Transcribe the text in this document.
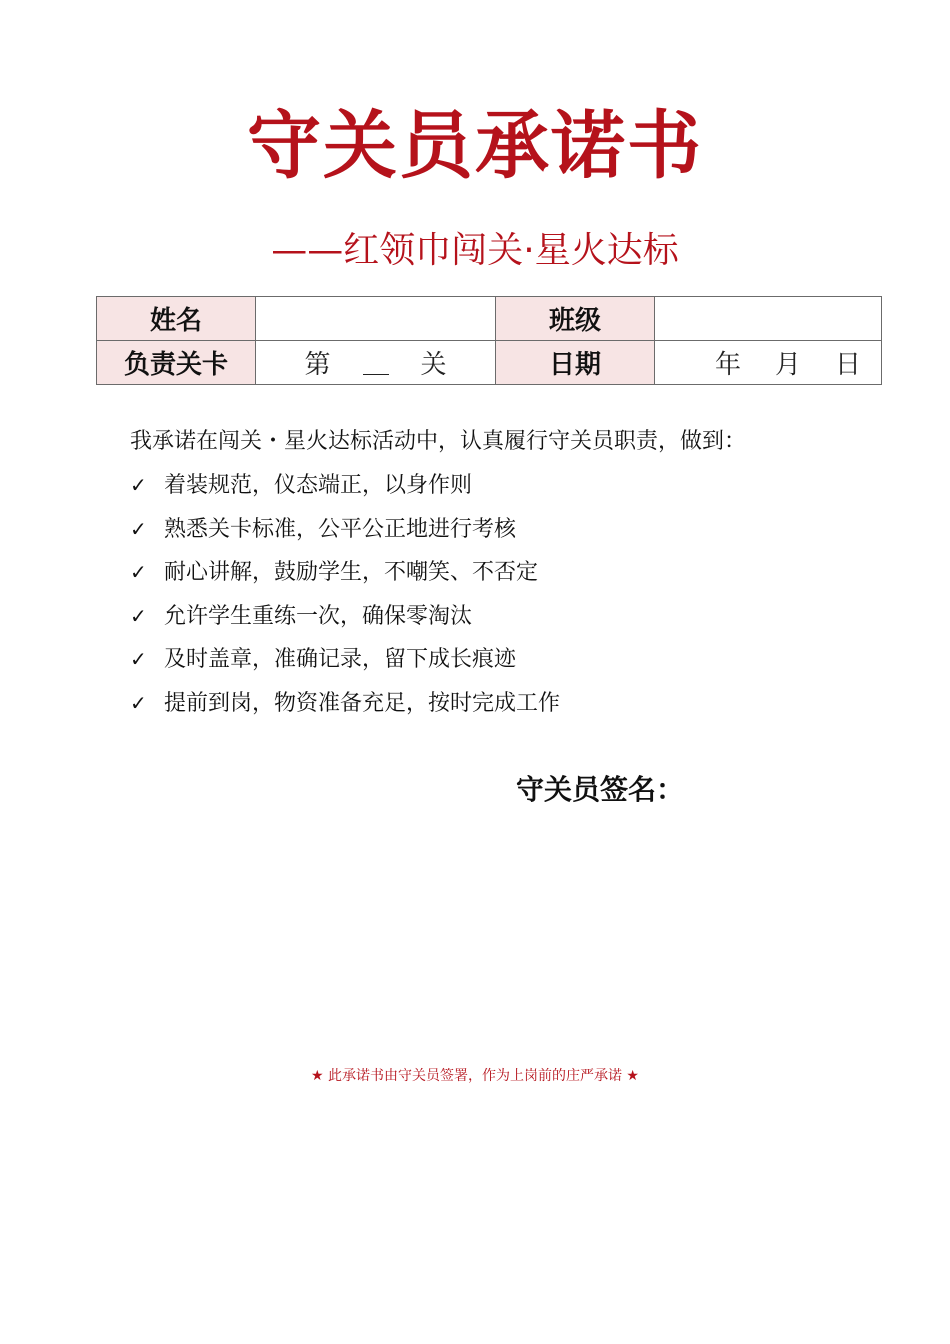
守关员承诺书
——红领巾闯关·星火达标
姓名		班级	
负责关卡	第 关	日期	年 月 日
我承诺在闯关・星火达标活动中，认真履行守关员职责，做到：
✓ 着装规范，仪态端正，以身作则
✓ 熟悉关卡标准，公平公正地进行考核
✓ 耐心讲解，鼓励学生，不嘲笑、不否定
✓ 允许学生重练一次，确保零淘汰
✓ 及时盖章，准确记录，留下成长痕迹
✓ 提前到岗，物资准备充足，按时完成工作
守关员签名：
★ 此承诺书由守关员签署，作为上岗前的庄严承诺 ★
